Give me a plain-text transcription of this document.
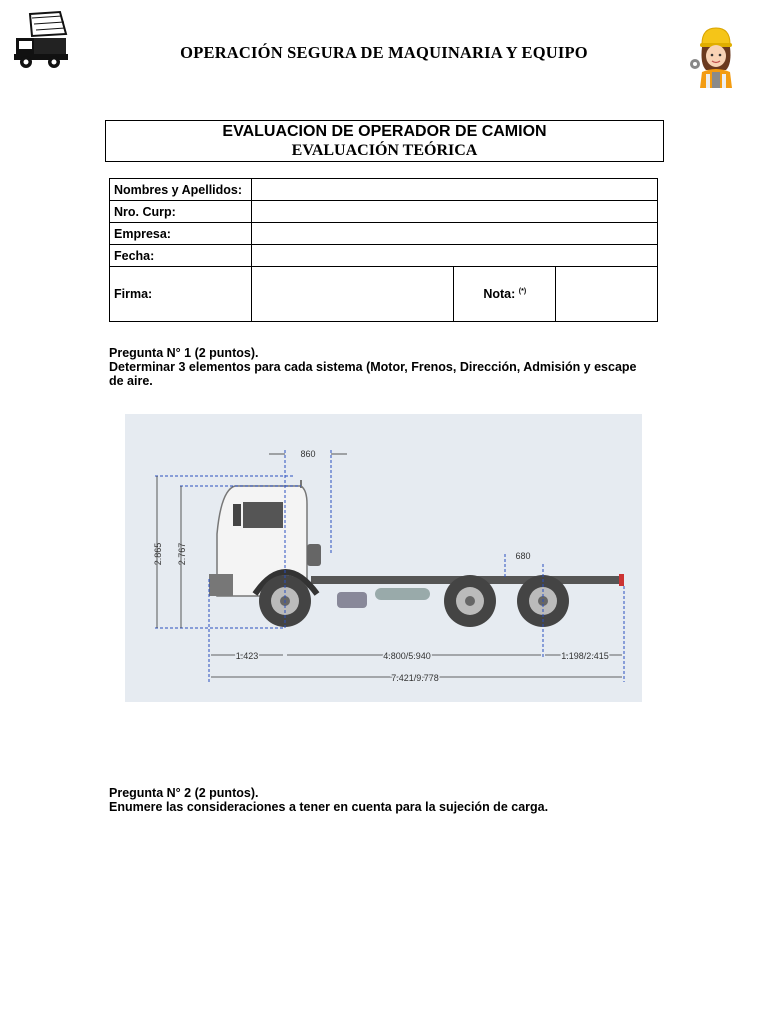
OPERACIÓN SEGURA DE MAQUINARIA Y EQUIPO
EVALUACION DE OPERADOR DE CAMION
EVALUACIÓN TEÓRICA
Nombres y Apellidos:			
Nro. Curp:			
Empresa:			
Fecha:			
Firma:		Nota: (*)	
Pregunta N° 1 (2 puntos).
Determinar 3 elementos para cada sistema (Motor, Frenos, Dirección, Admisión y escape
de aire.
860
680
2.865 2.767
1.423	4.800/5.940	1.198/2.415
7.421/9.778
Pregunta N° 2 (2 puntos).
Enumere las consideraciones a tener en cuenta para la sujeción de carga.
